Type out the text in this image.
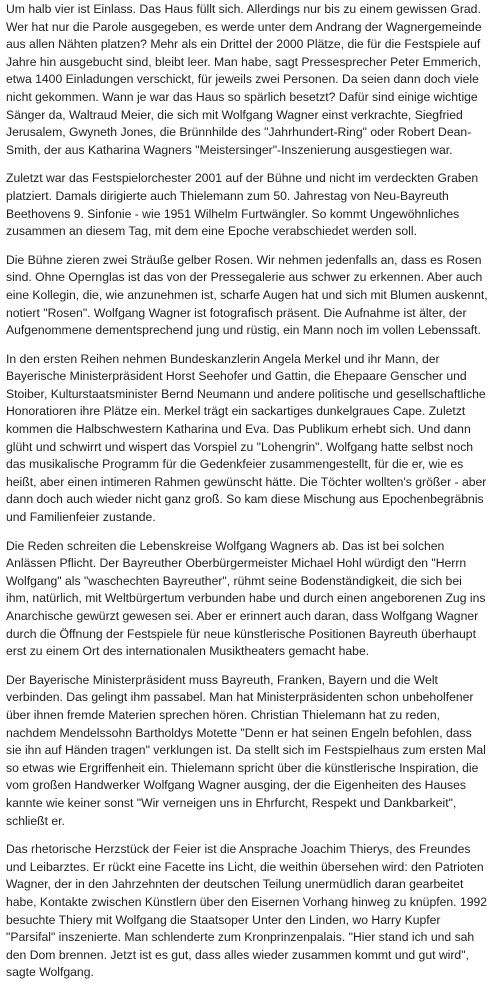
Um halb vier ist Einlass. Das Haus füllt sich. Allerdings nur bis zu einem gewissen Grad. Wer hat nur die Parole ausgegeben, es werde unter dem Andrang der Wagnergemeinde aus allen Nähten platzen? Mehr als ein Drittel der 2000 Plätze, die für die Festspiele auf Jahre hin ausgebucht sind, bleibt leer. Man habe, sagt Pressesprecher Peter Emmerich, etwa 1400 Einladungen verschickt, für jeweils zwei Personen. Da seien dann doch viele nicht gekommen. Wann je war das Haus so spärlich besetzt? Dafür sind einige wichtige Sänger da, Waltraud Meier, die sich mit Wolfgang Wagner einst verkrachte, Siegfried Jerusalem, Gwyneth Jones, die Brünnhilde des "Jahrhundert-Ring" oder Robert Dean-Smith, der aus Katharina Wagners "Meistersinger"-Inszenierung ausgestiegen war.

Zuletzt war das Festspielorchester 2001 auf der Bühne und nicht im verdeckten Graben platziert. Damals dirigierte auch Thielemann zum 50. Jahrestag von Neu-Bayreuth Beethovens 9. Sinfonie - wie 1951 Wilhelm Furtwängler. So kommt Ungewöhnliches zusammen an diesem Tag, mit dem eine Epoche verabschiedet werden soll.

Die Bühne zieren zwei Sträuße gelber Rosen. Wir nehmen jedenfalls an, dass es Rosen sind. Ohne Opernglas ist das von der Pressegalerie aus schwer zu erkennen. Aber auch eine Kollegin, die, wie anzunehmen ist, scharfe Augen hat und sich mit Blumen auskennt, notiert "Rosen". Wolfgang Wagner ist fotografisch präsent. Die Aufnahme ist älter, der Aufgenommene dementsprechend jung und rüstig, ein Mann noch im vollen Lebenssaft.

In den ersten Reihen nehmen Bundeskanzlerin Angela Merkel und ihr Mann, der Bayerische Ministerpräsident Horst Seehofer und Gattin, die Ehepaare Genscher und Stoiber, Kulturstaatsminister Bernd Neumann und andere politische und gesellschaftliche Honoratioren ihre Plätze ein. Merkel trägt ein sackartiges dunkelgraues Cape. Zuletzt kommen die Halbschwestern Katharina und Eva. Das Publikum erhebt sich. Und dann glüht und schwirrt und wispert das Vorspiel zu "Lohengrin". Wolfgang hatte selbst noch das musikalische Programm für die Gedenkfeier zusammengestellt, für die er, wie es heißt, aber einen intimeren Rahmen gewünscht hätte. Die Töchter wollten's größer - aber dann doch auch wieder nicht ganz groß. So kam diese Mischung aus Epochenbegräbnis und Familienfeier zustande.

Die Reden schreiten die Lebenskreise Wolfgang Wagners ab. Das ist bei solchen Anlässen Pflicht. Der Bayreuther Oberbürgermeister Michael Hohl würdigt den "Herrn Wolfgang" als "waschechten Bayreuther", rühmt seine Bodenständigkeit, die sich bei ihm, natürlich, mit Weltbürgertum verbunden habe und durch einen angeborenen Zug ins Anarchische gewürzt gewesen sei. Aber er erinnert auch daran, dass Wolfgang Wagner durch die Öffnung der Festspiele für neue künstlerische Positionen Bayreuth überhaupt erst zu einem Ort des internationalen Musiktheaters gemacht habe.

Der Bayerische Ministerpräsident muss Bayreuth, Franken, Bayern und die Welt verbinden. Das gelingt ihm passabel. Man hat Ministerpräsidenten schon unbeholfener über ihnen fremde Materien sprechen hören. Christian Thielemann hat zu reden, nachdem Mendelssohn Bartholdys Motette "Denn er hat seinen Engeln befohlen, dass sie ihn auf Händen tragen" verklungen ist. Da stellt sich im Festspielhaus zum ersten Mal so etwas wie Ergriffenheit ein. Thielemann spricht über die künstlerische Inspiration, die vom großen Handwerker Wolfgang Wagner ausging, der die Eigenheiten des Hauses kannte wie keiner sonst "Wir verneigen uns in Ehrfurcht, Respekt und Dankbarkeit", schließt er.

Das rhetorische Herzstück der Feier ist die Ansprache Joachim Thierys, des Freundes und Leibarztes. Er rückt eine Facette ins Licht, die weithin übersehen wird: den Patrioten Wagner, der in den Jahrzehnten der deutschen Teilung unermüdlich daran gearbeitet habe, Kontakte zwischen Künstlern über den Eisernen Vorhang hinweg zu knüpfen. 1992 besuchte Thiery mit Wolfgang die Staatsoper Unter den Linden, wo Harry Kupfer "Parsifal" inszenierte. Man schlenderte zum Kronprinzenpalais. "Hier stand ich und sah den Dom brennen. Jetzt ist es gut, dass alles wieder zusammen kommt und gut wird", sagte Wolfgang.
